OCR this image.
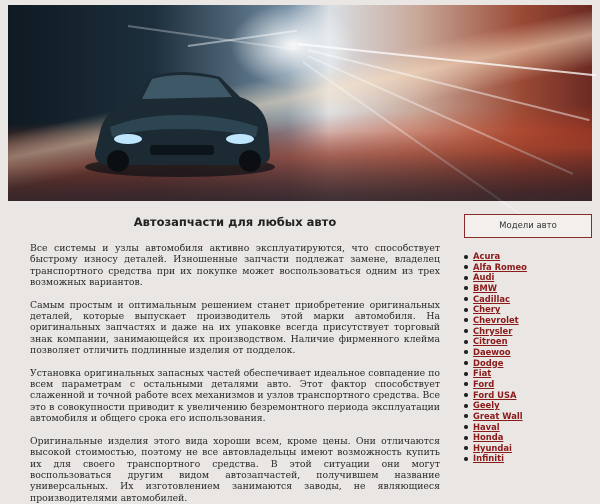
Автозапчасти для любых авто

Все системы и узлы автомобиля активно эксплуатируются, что способствует быстрому износу деталей. Изношенные запчасти подлежат замене, владелец транспортного средства при их покупке может воспользоваться одним из трех возможных вариантов.

Самым простым и оптимальным решением станет приобретение оригинальных деталей, которые выпускает производитель этой марки автомобиля. На оригинальных запчастях и даже на их упаковке всегда присутствует торговый знак компании, занимающейся их производством. Наличие фирменного клейма позволяет отличить подлинные изделия от подделок.

Установка оригинальных запасных частей обеспечивает идеальное совпадение по всем параметрам с остальными деталями авто. Этот фактор способствует слаженной и точной работе всех механизмов и узлов транспортного средства. Все это в совокупности приводит к увеличению безремонтного периода эксплуатации автомобиля и общего срока его использования.

Оригинальные изделия этого вида хороши всем, кроме цены. Они отличаются высокой стоимостью, поэтому не все автовладельцы имеют возможность купить их для своего транспортного средства. В этой ситуации они могут воспользоваться другим видом автозапчастей, получившем название универсальных. Их изготовлением занимаются заводы, не являющиеся производителями автомобилей.

Модели авто
Acura
Alfa Romeo
Audi
BMW
Cadillac
Chery
Chevrolet
Chrysler
Citroen
Daewoo
Dodge
Fiat
Ford
Ford USA
Geely
Great Wall
Haval
Honda
Hyundai
Infiniti
